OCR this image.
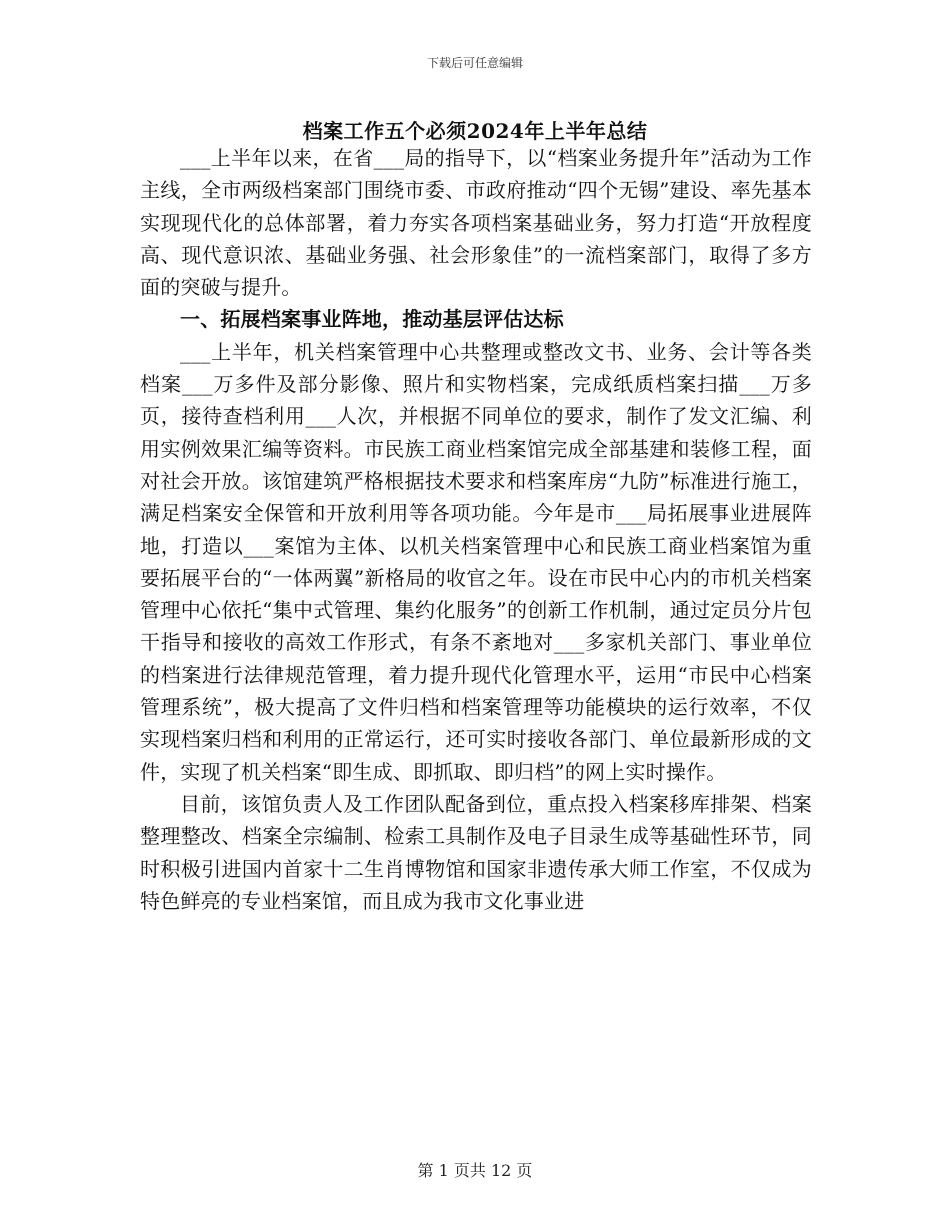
下载后可任意编辑
档案工作五个必须2024年上半年总结

___上半年以来，在省___局的指导下，以“档案业务提升年”活动为工作主线，全市两级档案部门围绕市委、市政府推动“四个无锡”建设、率先基本实现现代化的总体部署，着力夯实各项档案基础业务，努力打造“开放程度高、现代意识浓、基础业务强、社会形象佳”的一流档案部门，取得了多方面的突破与提升。

一、拓展档案事业阵地，推动基层评估达标

___上半年，机关档案管理中心共整理或整改文书、业务、会计等各类档案___万多件及部分影像、照片和实物档案，完成纸质档案扫描___万多页，接待查档利用___人次，并根据不同单位的要求，制作了发文汇编、利用实例效果汇编等资料。市民族工商业档案馆完成全部基建和装修工程，面对社会开放。该馆建筑严格根据技术要求和档案库房“九防”标准进行施工，满足档案安全保管和开放利用等各项功能。今年是市___局拓展事业进展阵地，打造以___案馆为主体、以机关档案管理中心和民族工商业档案馆为重要拓展平台的“一体两翼”新格局的收官之年。设在市民中心内的市机关档案管理中心依托“集中式管理、集约化服务”的创新工作机制，通过定员分片包干指导和接收的高效工作形式，有条不紊地对___多家机关部门、事业单位的档案进行法律规范管理，着力提升现代化管理水平，运用“市民中心档案管理系统”，极大提高了文件归档和档案管理等功能模块的运行效率，不仅实现档案归档和利用的正常运行，还可实时接收各部门、单位最新形成的文件，实现了机关档案“即生成、即抓取、即归档”的网上实时操作。

目前，该馆负责人及工作团队配备到位，重点投入档案移库排架、档案整理整改、档案全宗编制、检索工具制作及电子目录生成等基础性环节，同时积极引进国内首家十二生肖博物馆和国家非遗传承大师工作室，不仅成为特色鲜亮的专业档案馆，而且成为我市文化事业进

第 1 页共 12 页
